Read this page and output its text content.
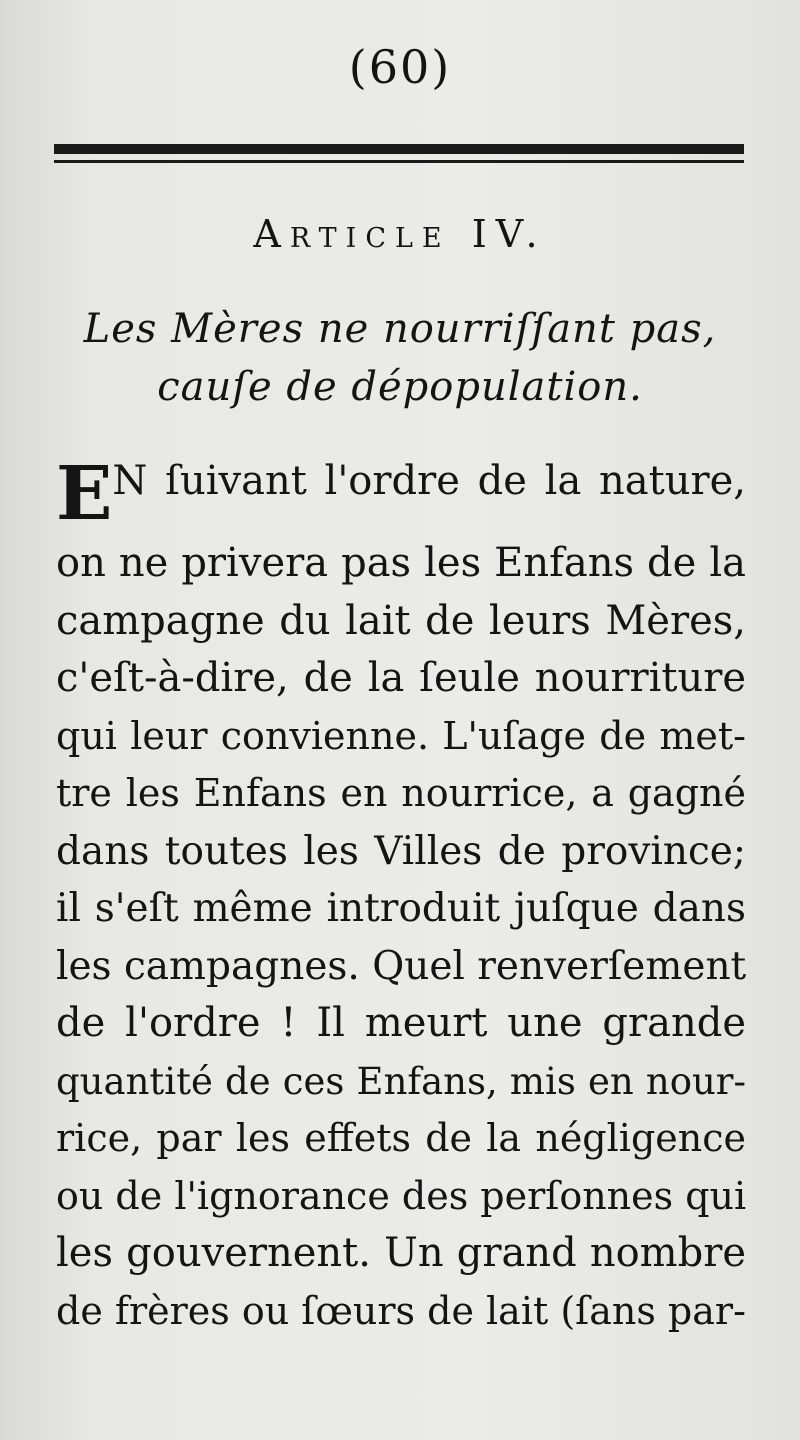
(60)
Article IV.
Les Mères ne nourriſſant pas,
cauſe de dépopulation.
E N ſuivant l'ordre de la nature,
on ne privera pas les Enfans de la
campagne du lait de leurs Mères,
c'eſt-à-dire, de la ſeule nourriture
qui leur convienne. L'uſage de met-
tre les Enfans en nourrice, a gagné
dans toutes les Villes de province;
il s'eſt même introduit juſque dans
les campagnes. Quel renverſement
de l'ordre ! Il meurt une grande
quantité de ces Enfans, mis en nour-
rice, par les effets de la négligence
ou de l'ignorance des perſonnes qui
les gouvernent. Un grand nombre
de frères ou ſœurs de lait (ſans par-
